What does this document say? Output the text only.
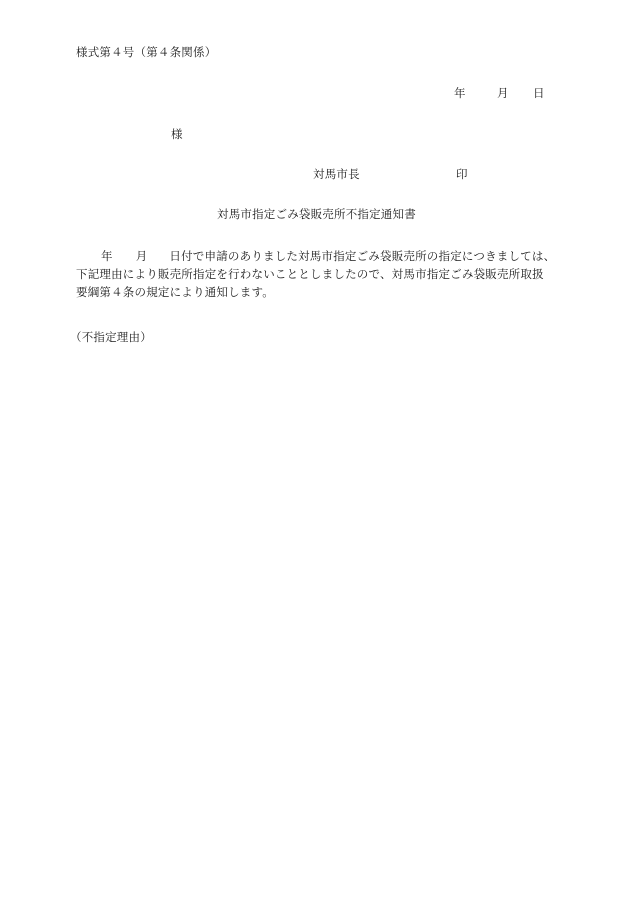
様式第４号（第４条関係）
年	月 日
様
対馬市長	印
対馬市指定ごみ袋販売所不指定通知書
年 月 日付で申請のありました対馬市指定ごみ袋販売所の指定につきましては、
下記理由により販売所指定を行わないこととしましたので、対馬市指定ごみ袋販売所取扱
要綱第４条の規定により通知します。
（不指定理由）
